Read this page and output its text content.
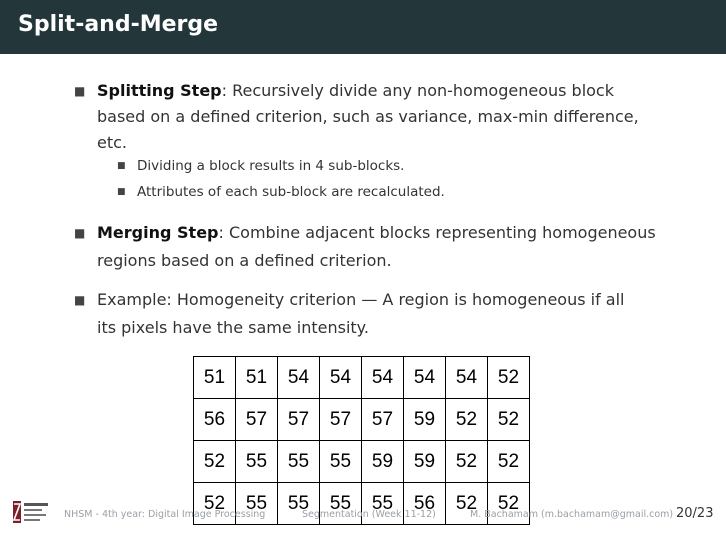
Split-and-Merge
■ Splitting Step: Recursively divide any non-homogeneous block
based on a defined criterion, such as variance, max-min difference,
etc.
■ Dividing a block results in 4 sub-blocks.
■ Attributes of each sub-block are recalculated.
■ Merging Step: Combine adjacent blocks representing homogeneous
regions based on a defined criterion.
■ Example: Homogeneity criterion — A region is homogeneous if all
its pixels have the same intensity.
51	51	54	54	54	54	54	52
56	57	57	57	57	59	52	52
52	55	55	55	59	59	52	52
52	55	55	55	55	56	52	52
NHSM - 4th year: Digital Image Processing	Segmentation (Week 11-12)	M. Bachamam (m.bachamam@gmail.com) 20/23
